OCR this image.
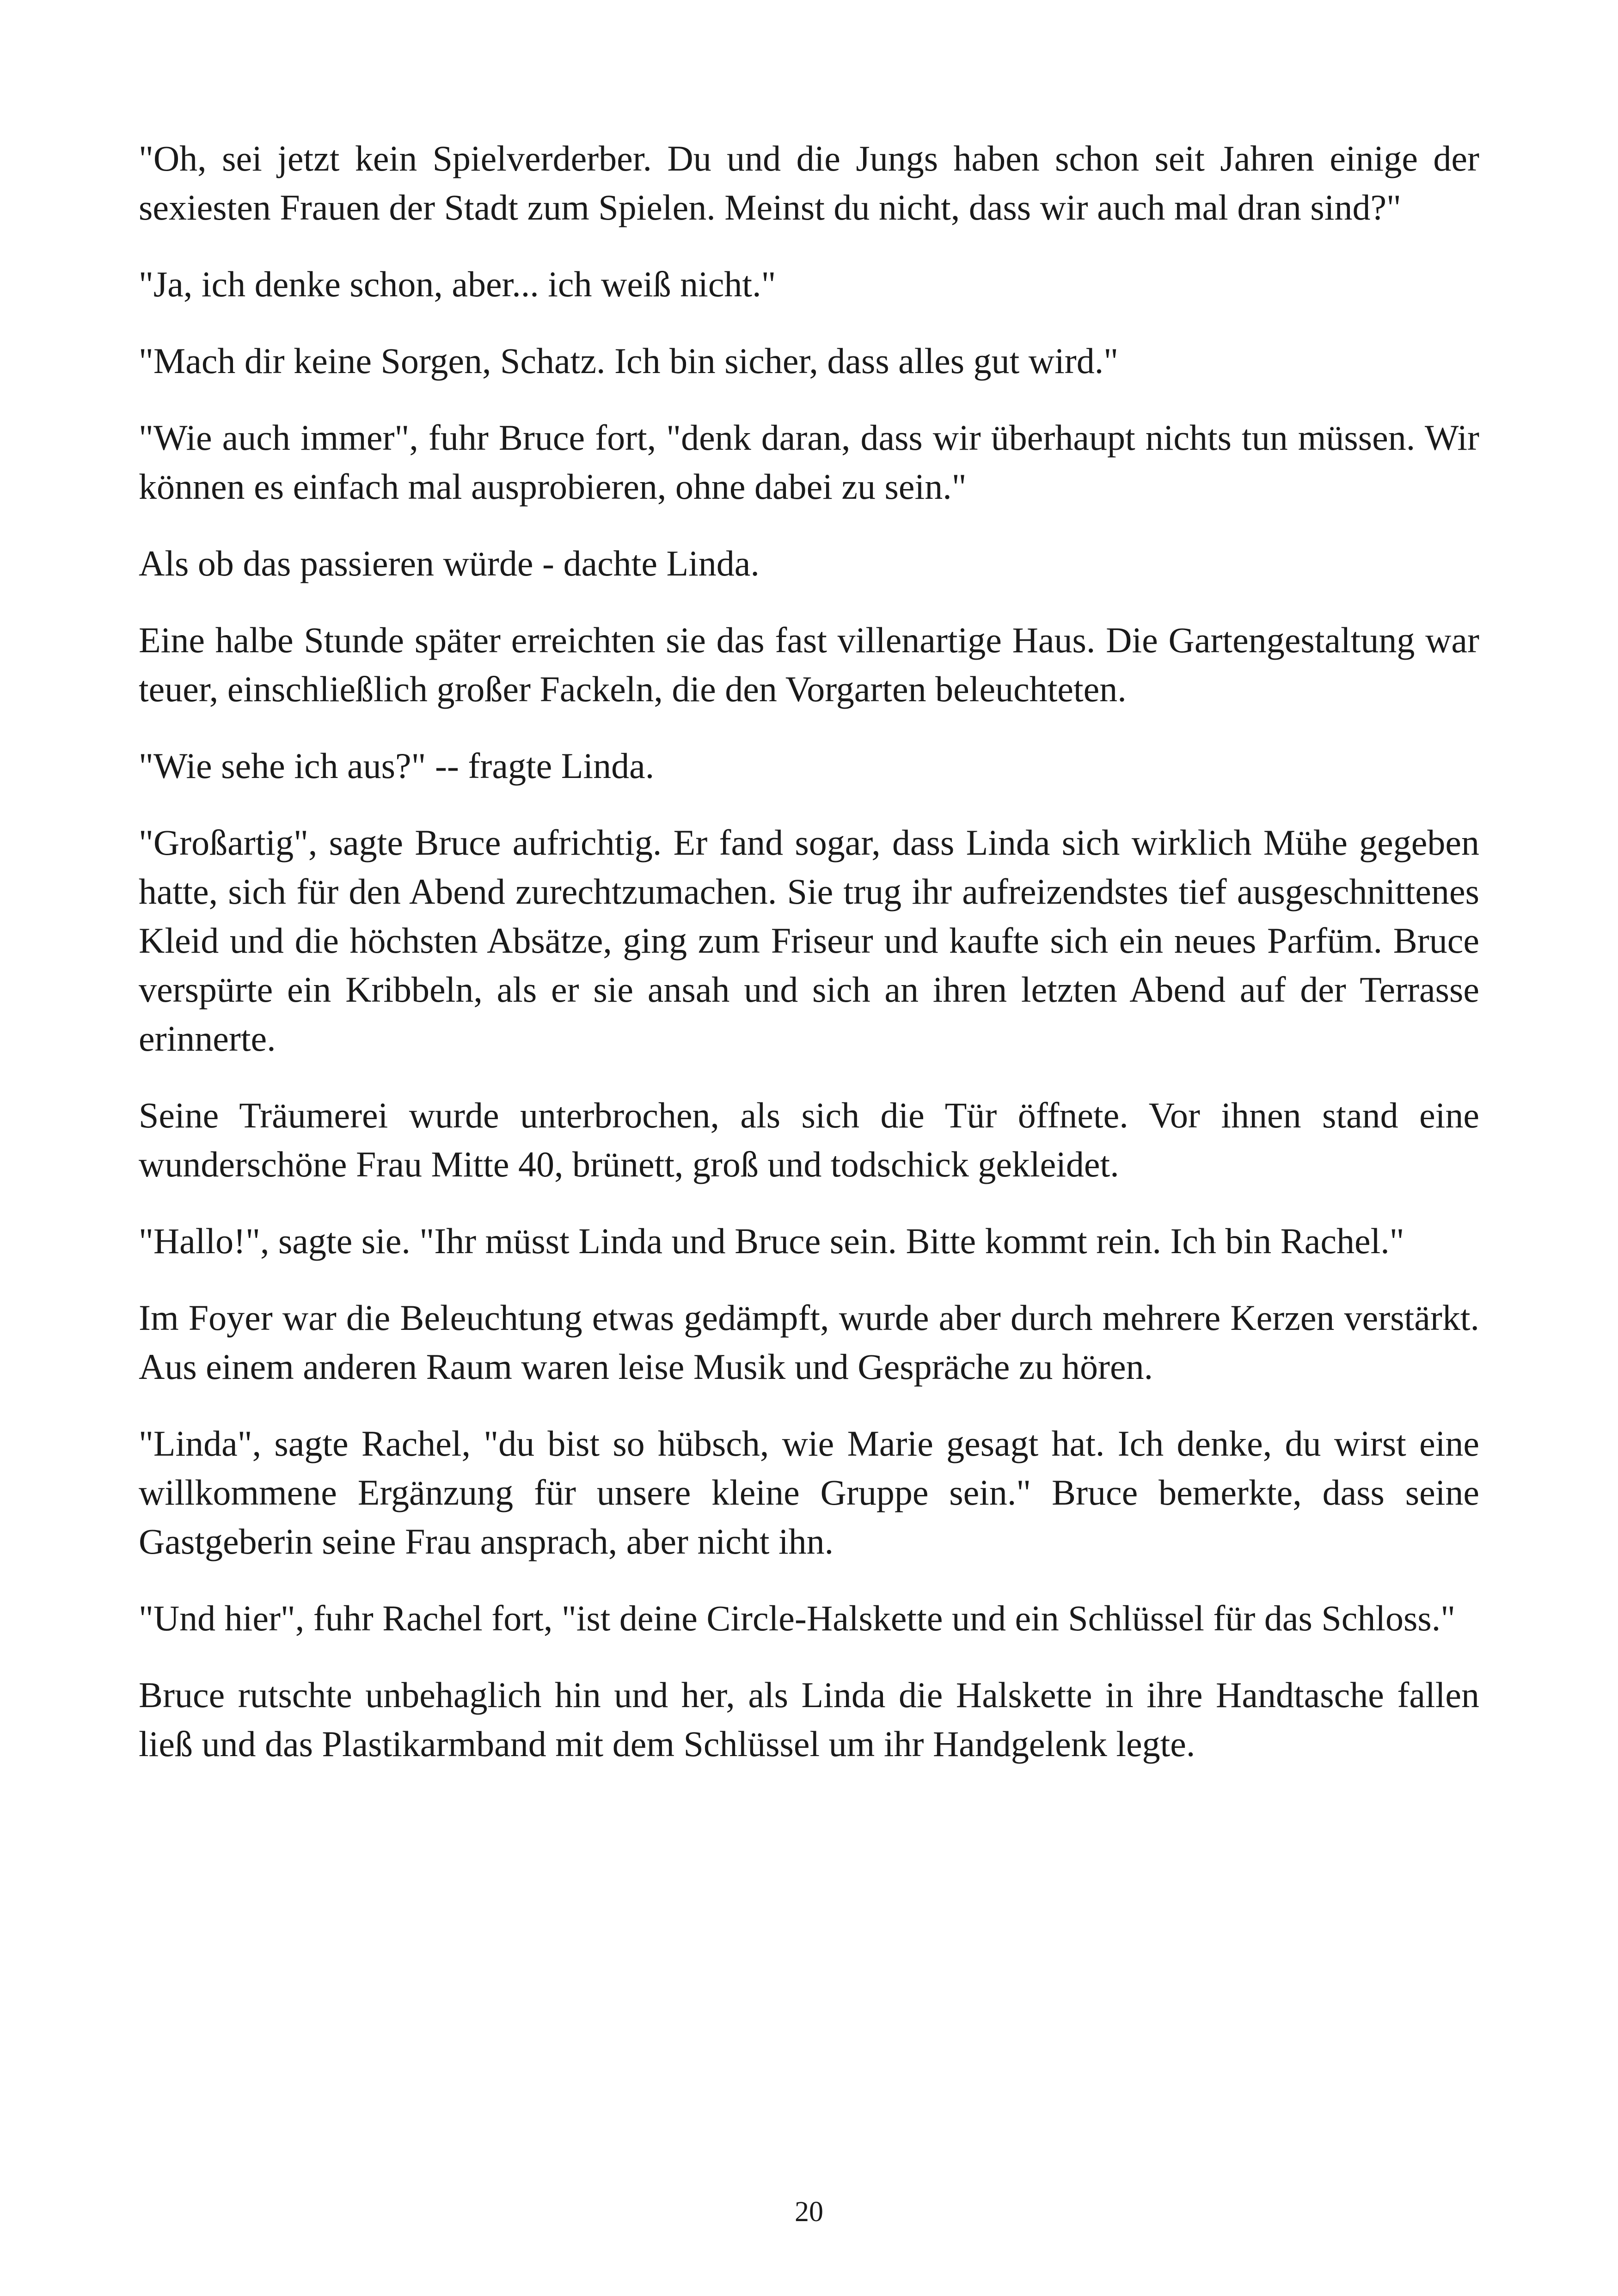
"Oh, sei jetzt kein Spielverderber. Du und die Jungs haben schon seit Jahren einige der sexiesten Frauen der Stadt zum Spielen. Meinst du nicht, dass wir auch mal dran sind?"

"Ja, ich denke schon, aber... ich weiß nicht."

"Mach dir keine Sorgen, Schatz. Ich bin sicher, dass alles gut wird."

"Wie auch immer", fuhr Bruce fort, "denk daran, dass wir überhaupt nichts tun müssen. Wir können es einfach mal ausprobieren, ohne dabei zu sein."

Als ob das passieren würde - dachte Linda.

Eine halbe Stunde später erreichten sie das fast villenartige Haus. Die Gartengestaltung war teuer, einschließlich großer Fackeln, die den Vorgarten beleuchteten.

"Wie sehe ich aus?" -- fragte Linda.

"Großartig", sagte Bruce aufrichtig. Er fand sogar, dass Linda sich wirklich Mühe gegeben hatte, sich für den Abend zurechtzumachen. Sie trug ihr aufreizendstes tief ausgeschnittenes Kleid und die höchsten Absätze, ging zum Friseur und kaufte sich ein neues Parfüm. Bruce verspürte ein Kribbeln, als er sie ansah und sich an ihren letzten Abend auf der Terrasse erinnerte.

Seine Träumerei wurde unterbrochen, als sich die Tür öffnete. Vor ihnen stand eine wunderschöne Frau Mitte 40, brünett, groß und todschick gekleidet.

"Hallo!", sagte sie. "Ihr müsst Linda und Bruce sein. Bitte kommt rein. Ich bin Rachel."

Im Foyer war die Beleuchtung etwas gedämpft, wurde aber durch mehrere Kerzen verstärkt. Aus einem anderen Raum waren leise Musik und Gespräche zu hören.

"Linda", sagte Rachel, "du bist so hübsch, wie Marie gesagt hat. Ich denke, du wirst eine willkommene Ergänzung für unsere kleine Gruppe sein." Bruce bemerkte, dass seine Gastgeberin seine Frau ansprach, aber nicht ihn.

"Und hier", fuhr Rachel fort, "ist deine Circle-Halskette und ein Schlüssel für das Schloss."

Bruce rutschte unbehaglich hin und her, als Linda die Halskette in ihre Handtasche fallen ließ und das Plastikarmband mit dem Schlüssel um ihr Handgelenk legte.

20
